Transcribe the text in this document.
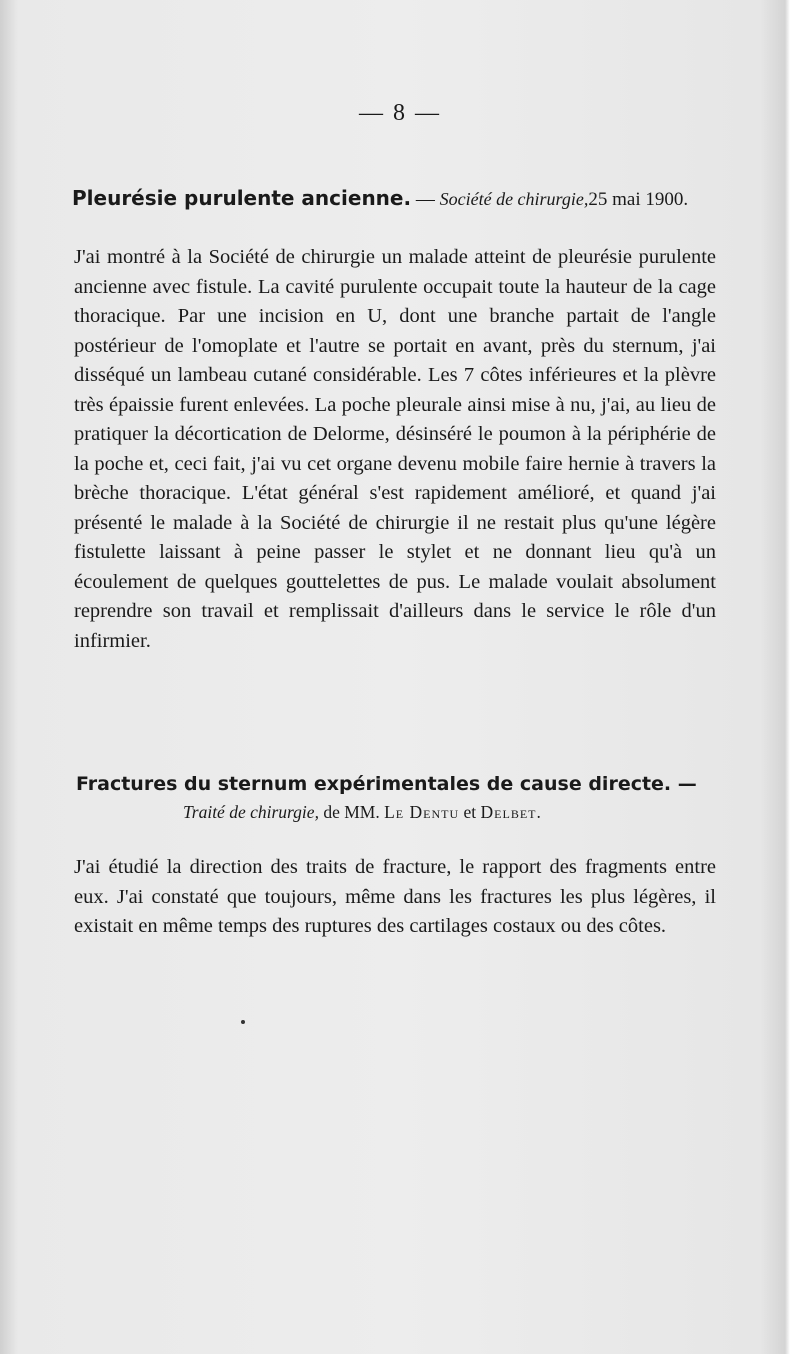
— 8 —
Pleurésie purulente ancienne. — Société de chirurgie,25 mai 1900.
J'ai montré à la Société de chirurgie un malade atteint de pleurésie purulente ancienne avec fistule. La cavité purulente occupait toute la hauteur de la cage thoracique. Par une incision en U, dont une branche partait de l'angle postérieur de l'omoplate et l'autre se portait en avant, près du sternum, j'ai disséqué un lambeau cutané considérable. Les 7 côtes inférieures et la plèvre très épaissie furent enlevées. La poche pleurale ainsi mise à nu, j'ai, au lieu de pratiquer la décortication de Delorme, désinséré le poumon à la périphérie de la poche et, ceci fait, j'ai vu cet organe devenu mobile faire hernie à travers la brèche thoracique. L'état général s'est rapidement amélioré, et quand j'ai présenté le malade à la Société de chirurgie il ne restait plus qu'une légère fistulette laissant à peine passer le stylet et ne donnant lieu qu'à un écoulement de quelques gouttelettes de pus. Le malade voulait absolument reprendre son travail et remplissait d'ailleurs dans le service le rôle d'un infirmier.
Fractures du sternum expérimentales de cause directe. —
Traité de chirurgie, de MM. Le Dentu et Delbet.
J'ai étudié la direction des traits de fracture, le rapport des fragments entre eux. J'ai constaté que toujours, même dans les fractures les plus légères, il existait en même temps des ruptures des cartilages costaux ou des côtes.
